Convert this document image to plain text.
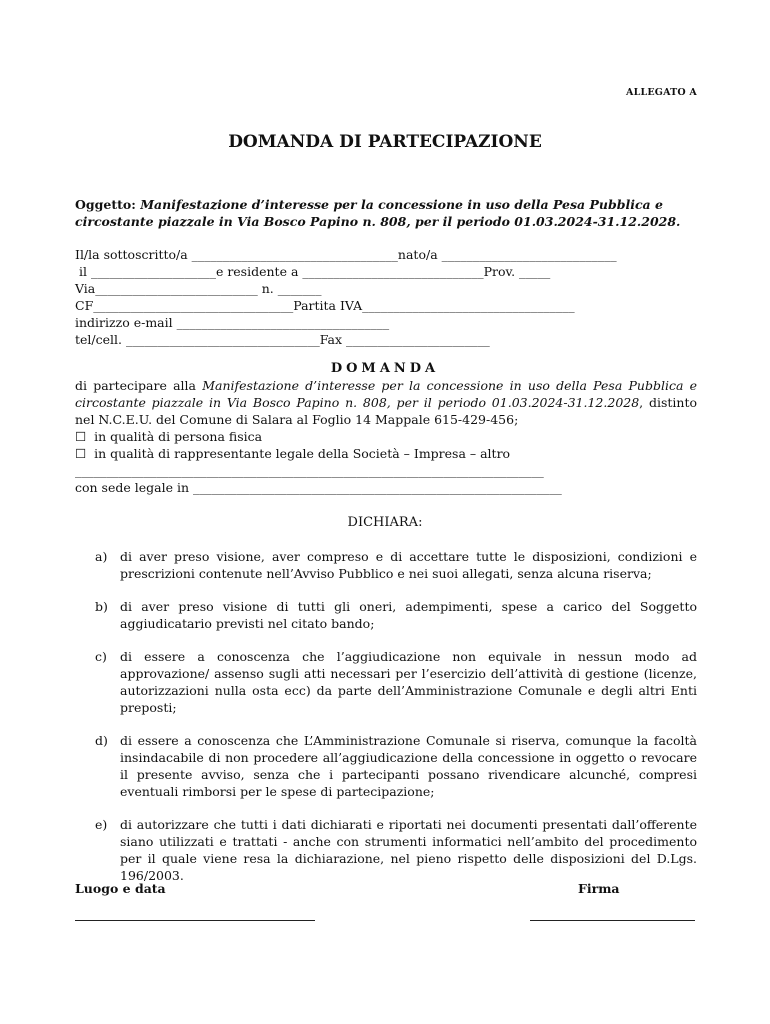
ALLEGATO A
DOMANDA DI PARTECIPAZIONE
Oggetto: Manifestazione d’interesse per la concessione in uso della Pesa Pubblica e circostante piazzale in Via Bosco Papino n. 808, per il periodo 01.03.2024-31.12.2028.
Il/la sottoscritto/a _________________________________nato/a ____________________________
il ____________________e residente a _____________________________Prov. _____
Via__________________________ n. _______
CF________________________________Partita IVA__________________________________
indirizzo e-mail __________________________________
tel/cell. _______________________________Fax _______________________
DOMANDA
di partecipare alla Manifestazione d’interesse per la concessione in uso della Pesa Pubblica e circostante piazzale in Via Bosco Papino n. 808, per il periodo 01.03.2024-31.12.2028, distinto nel N.C.E.U. del Comune di Salara al Foglio 14 Mappale 615-429-456;
☐  in qualità di persona fisica
☐  in qualità di rappresentante legale della Società – Impresa – altro
___________________________________________________________________________
con sede legale in ___________________________________________________________
DICHIARA:
a)	di aver preso visione, aver compreso e di accettare tutte le disposizioni, condizioni e prescrizioni contenute nell’Avviso Pubblico e nei suoi allegati, senza alcuna riserva;
b) di aver preso visione di tutti gli oneri, adempimenti, spese a carico del Soggetto aggiudicatario previsti nel citato bando;
c)	di essere a conoscenza che l’aggiudicazione non equivale in nessun modo ad approvazione/ assenso sugli atti necessari per l’esercizio dell’attività di gestione (licenze, autorizzazioni nulla osta ecc) da parte dell’Amministrazione Comunale e degli altri Enti preposti;
d) di essere a conoscenza che L’Amministrazione Comunale si riserva, comunque la facoltà insindacabile di non procedere all’aggiudicazione della concessione in oggetto o revocare il presente avviso, senza che i partecipanti possano rivendicare alcunché, compresi eventuali rimborsi per le spese di partecipazione;
e)	di autorizzare che tutti i dati dichiarati e riportati nei documenti presentati dall’offerente siano utilizzati e trattati - anche con strumenti informatici nell’ambito del procedimento per il quale viene resa la dichiarazione, nel pieno rispetto delle disposizioni del D.Lgs. 196/2003.
Luogo e data	Firma
